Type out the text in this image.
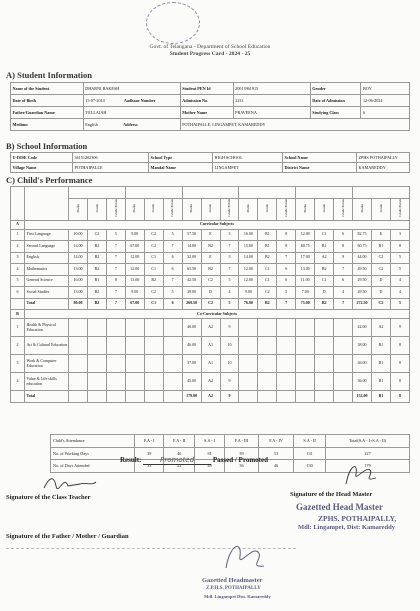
Govt. of Telangana - Department of School Education
Student Progress Card - 2024 - 25
A) Student Information
Name of the Student	DHARNI RAKESH	Student PEN Id	20013961915	Gender	BOY
Date of Birth	15-07-2014 Aadhaar Number	Admission No.	2231	Date of Admission	12-06-2024
Father/Guardian Name	YELLAIAH	Mother Name	PRAVEENA	Studying Class	6
Medium	English Address	POTHAIPALLE, LINGAMPET, KAMAREDDY			
B) School Information
U-DISE Code	36151202306	School Type	HIGH SCHOOL	School Name	ZPHS POTHAIPALLY
Village Name	POTHAIPALLE	Mandal Name	LINGAMPET	District Name	KAMAREDDY
C) Child's Performance

		Marks	Grade	Grade Points	Marks	Grade	Grade Points	Marks	Grade	Grade Points	Marks	Grade	Grade Points	Marks	Grade	Grade Points	Marks	Grade	Grade Points
A	Curricular Subjects																		
1	First Language	10.00	C2	5	9.00	C2	5	57.50	E	3	16.00	B1	8	12.00	C1	6	82.75	E	3
2	Second Language	14.00	B2	7	67.00	C2	7	14.00	B2	7	15.00	B1	8	60.75	B1	8	60.75	B1	8
3	English	14.00	B2	7	12.00	C1	6	32.00	E	3	14.00	B2	7	17.00	A2	9	44.00	C2	5
4	Mathematics	13.00	B2	7	12.00	C1	6	65.50	B2	7	12.00	C1	6	13.00	B2	7	49.50	C2	5
5	General Science	16.00	B1	8	13.00	B2	7	42.50	C2	5	12.00	C1	6	11.00	C1	6	29.50	D	4
6	Social Studies	13.00	B2	7	9.00	C2	5	39.00	D	4	9.00	C2	5	7.00	D	4	29.50	D	4
	Total	80.00	B2	7	67.00	C1	6	269.50	C2	5	76.00	B2	7	75.00	B2	7	272.50	C2	5
B	Co-Curricular Subjects																		
1	Health & Physical Education							46.00	A2	9							42.00	A2	9
2	Art & Cultural Education							46.00	A1	10							38.00	B1	8
3	Work & Computer Education							37.00	A1	10							36.00	B1	8
4	Value & Life skills education							45.00	A2	9							36.00	B1	8
	Total							179.00	A2	9							152.00	B1	8
Child's Attendance	F.A - I	F.A - II	S.A - I	F.A - III	F.A - IV	S.A - II	Total(S.A - I+S.A - II)
No. of Working Days	39	46	81	39	53	131	227
No. of Days Attended	33	22	49	36	46	130	179
Result:	Promoted	Passed / Promoted
Signature of the Class Teacher	Signature of the Head Master
Gazetted Head Master
ZPHS. POTHAIPALLY,
Mdl: Lingampet, Dist: Kamareddy
Signature of the Father / Mother / Guardian
Gazetted Headmaster
Z.P.H.S. POTHAIPALLY
Mdl. Lingampet Dist. Kamareddy
